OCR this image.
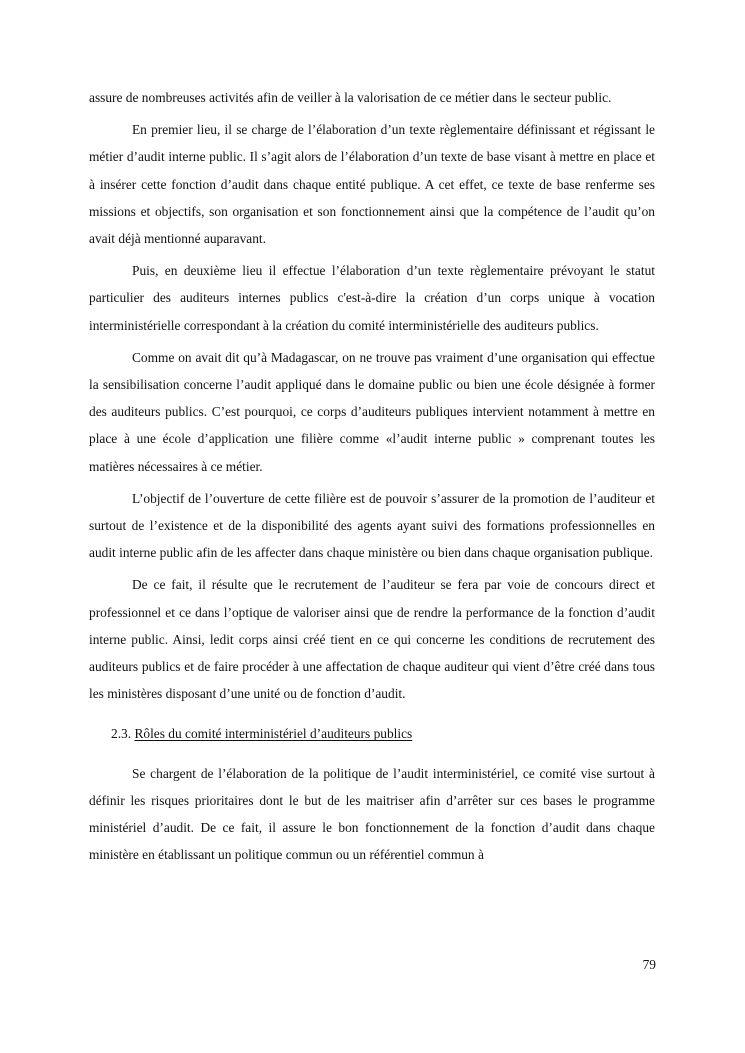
assure de nombreuses activités afin de veiller à la valorisation de ce métier dans le secteur public.

En premier lieu, il se charge de l’élaboration d’un texte règlementaire définissant et régissant le métier d’audit interne public. Il s’agit alors de l’élaboration d’un texte de base visant à mettre en place et à insérer cette fonction d’audit dans chaque entité publique. A cet effet, ce texte de base renferme ses missions et objectifs, son organisation et son fonctionnement ainsi que la compétence de l’audit qu’on avait déjà mentionné auparavant.

Puis, en deuxième lieu il effectue l’élaboration d’un texte règlementaire prévoyant le statut particulier des auditeurs internes publics c'est-à-dire la création d’un corps unique à vocation interministérielle correspondant à la création du comité interministérielle des auditeurs publics.

Comme on avait dit qu’à Madagascar, on ne trouve pas vraiment d’une organisation qui effectue la sensibilisation concerne l’audit appliqué dans le domaine public ou bien une école désignée à former des auditeurs publics. C’est pourquoi, ce corps d’auditeurs publiques intervient notamment à mettre en place à une école d’application une filière comme «l’audit interne public » comprenant toutes les matières nécessaires à ce métier.

L’objectif de l’ouverture de cette filière est de pouvoir s’assurer de la promotion de l’auditeur et surtout de l’existence et de la disponibilité des agents ayant suivi des formations professionnelles en audit interne public afin de les affecter dans chaque ministère ou bien dans chaque organisation publique.

De ce fait, il résulte que le recrutement de l’auditeur se fera par voie de concours direct et professionnel et ce dans l’optique de valoriser ainsi que de rendre la performance de la fonction d’audit interne public. Ainsi, ledit corps ainsi créé tient en ce qui concerne les conditions de recrutement des auditeurs publics et de faire procéder à une affectation de chaque auditeur qui vient d’être créé dans tous les ministères disposant d’une unité ou de fonction d’audit.

2.3. Rôles du comité interministériel d’auditeurs publics

Se chargent de l’élaboration de la politique de l’audit interministériel, ce comité vise surtout à définir les risques prioritaires dont le but de les maitriser afin d’arrêter sur ces bases le programme ministériel d’audit. De ce fait, il assure le bon fonctionnement de la fonction d’audit dans chaque ministère en établissant un politique commun ou un référentiel commun à

79
